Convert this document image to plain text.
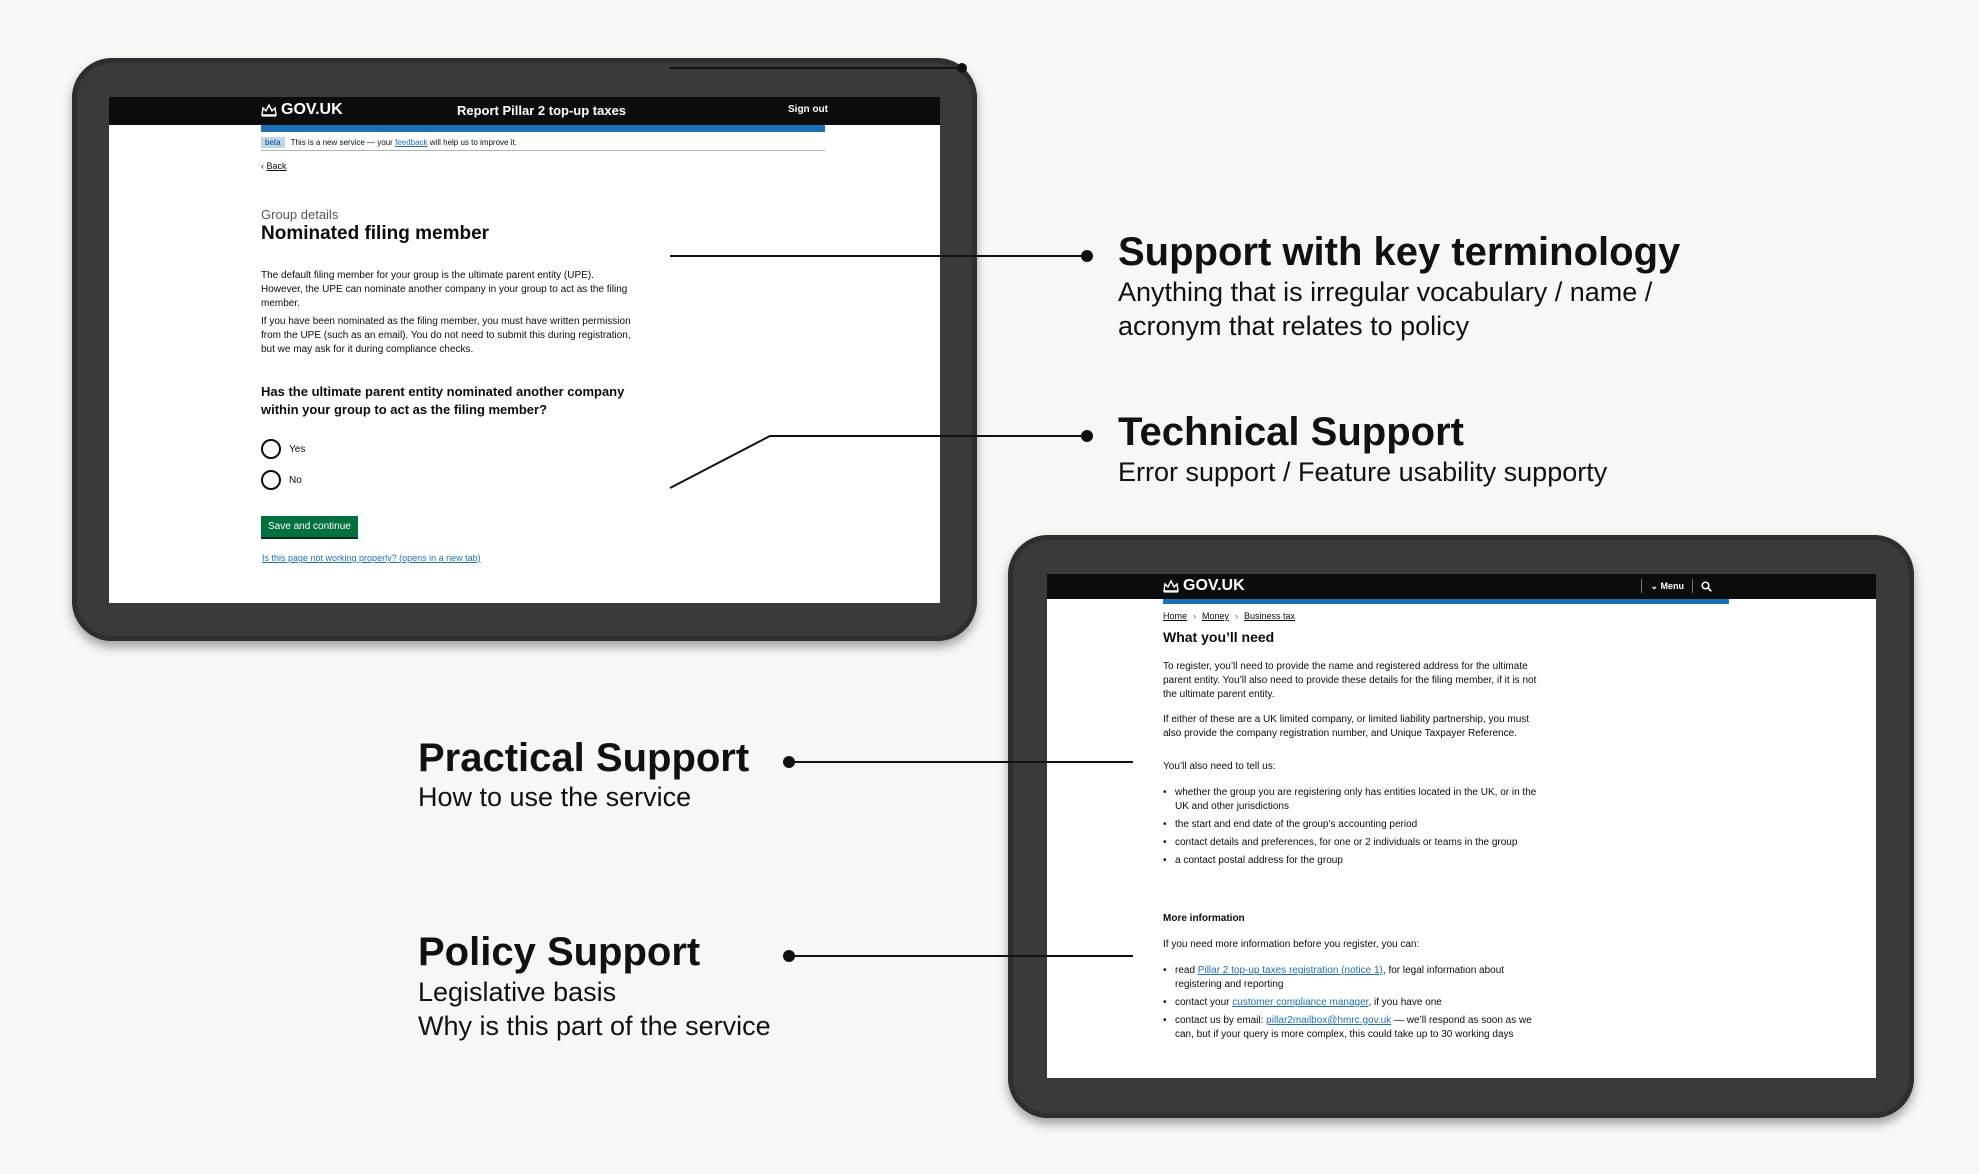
GOV.UK	Report Pillar 2 top-up taxes	Sign out
beta	This is a new service — your feedback will help us to improve it.
‹ Back
Group details
Nominated filing member
The default filing member for your group is the ultimate parent entity (UPE). However, the UPE can nominate another company in your group to act as the filing member.
If you have been nominated as the filing member, you must have written permission from the UPE (such as an email). You do not need to submit this during registration, but we may ask for it during compliance checks.
Has the ultimate parent entity nominated another company within your group to act as the filing member?
Yes
No
Save and continue
Is this page not working properly? (opens in a new tab)
GOV.UK	⌄ Menu
Home › Money › Business tax
What you’ll need
To register, you’ll need to provide the name and registered address for the ultimate parent entity. You’ll also need to provide these details for the filing member, if it is not the ultimate parent entity.
If either of these are a UK limited company, or limited liability partnership, you must also provide the company registration number, and Unique Taxpayer Reference.
You’ll also need to tell us:
• whether the group you are registering only has entities located in the UK, or in the UK and other jurisdictions
• the start and end date of the group’s accounting period
• contact details and preferences, for one or 2 individuals or teams in the group
• a contact postal address for the group
More information
If you need more information before you register, you can:
• read Pillar 2 top-up taxes registration (notice 1), for legal information about registering and reporting
• contact your customer compliance manager, if you have one
• contact us by email: pillar2mailbox@hmrc.gov.uk — we’ll respond as soon as we can, but if your query is more complex, this could take up to 30 working days
Support with key terminology
Anything that is irregular vocabulary / name /
acronym that relates to policy
Technical Support
Error support / Feature usability supporty
Practical Support
How to use the service
Policy Support
Legislative basis
Why is this part of the service
